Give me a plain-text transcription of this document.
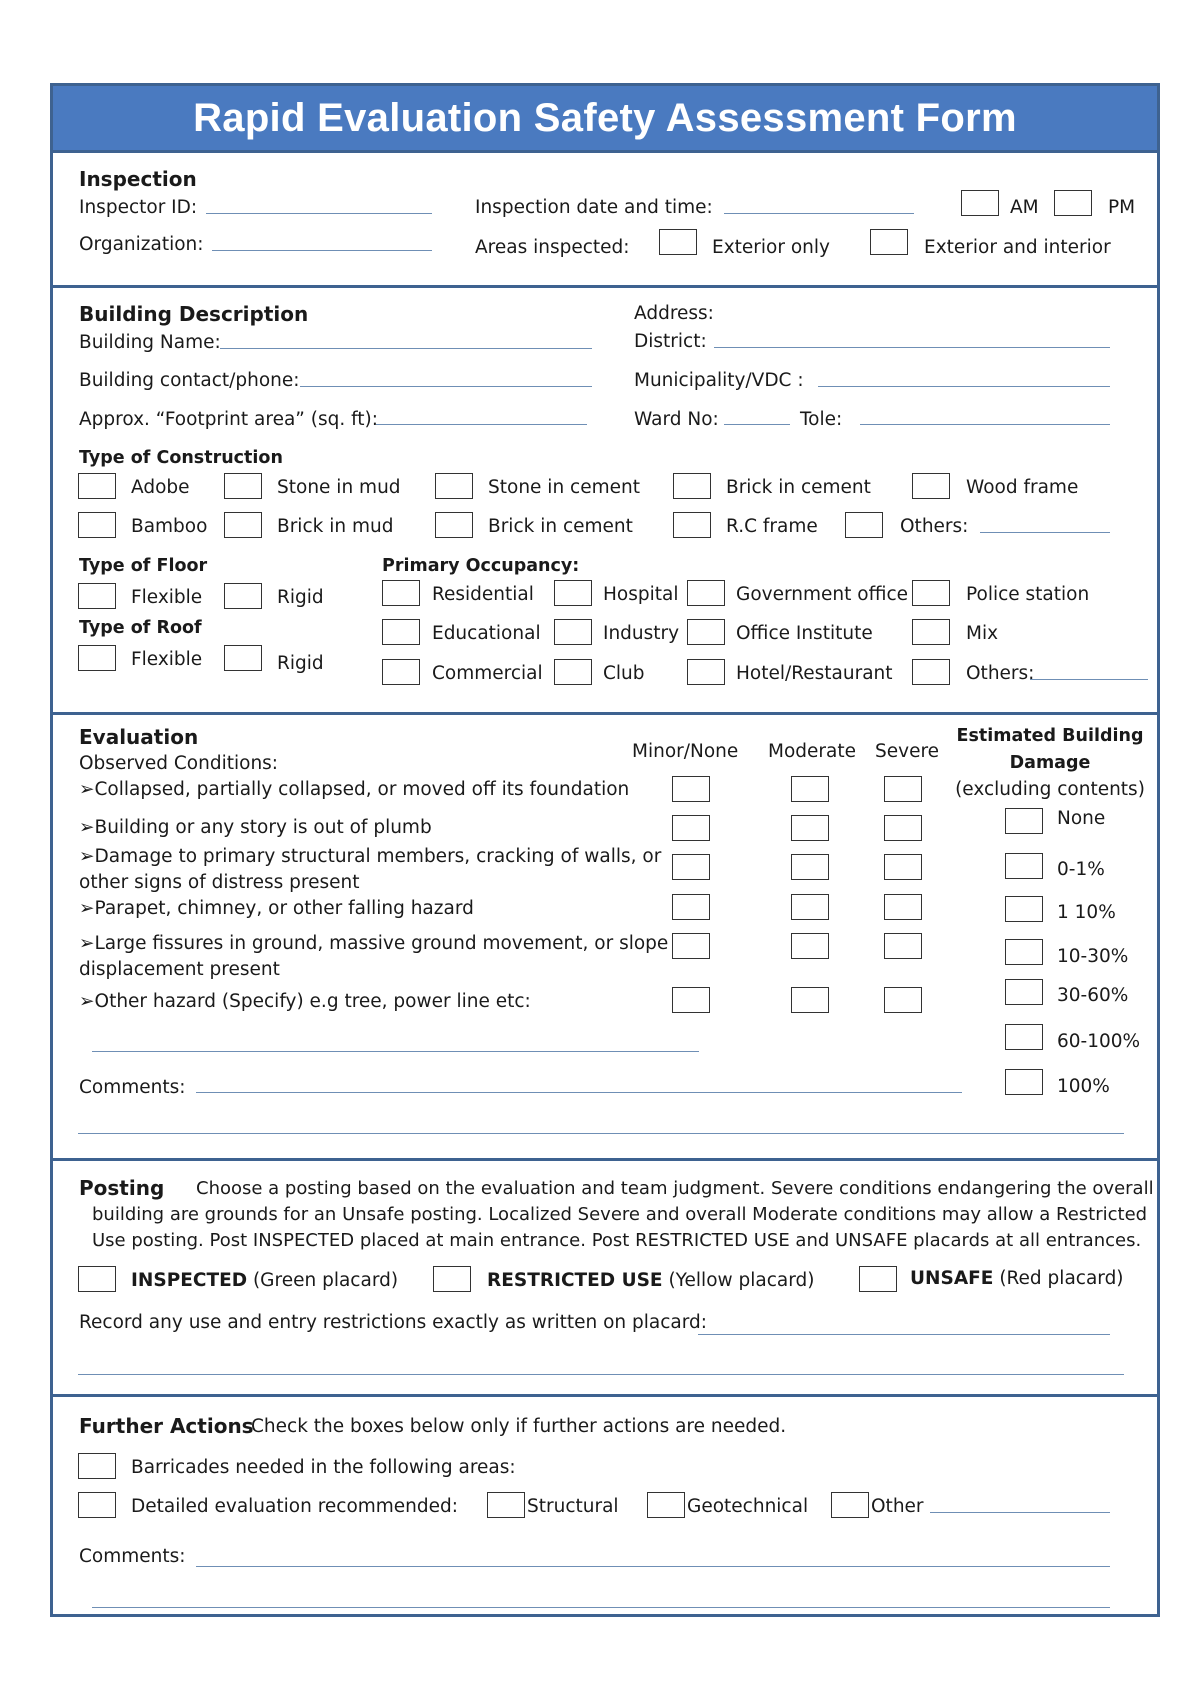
Rapid Evaluation Safety Assessment Form
Inspection
Inspector ID:
Organization:
Inspection date and time:	AM	PM
Areas inspected:	Exterior only	Exterior and interior
Building Description
Building Name:
Building contact/phone:
Approx. “Footprint area” (sq. ft):
Address:
District:
Municipality/VDC :
Ward No:	Tole:
Type of Construction
Adobe	Stone in mud	Stone in cement	Brick in cement	Wood frame
Bamboo	Brick in mud	Brick in cement	R.C frame	Others:
Type of Floor
Flexible	Rigid
Type of Roof
Flexible	Rigid
Primary Occupancy:
Residential	Hospital	Government office	Police station
Educational	Industry	Office Institute	Mix
Commercial	Club	Hotel/Restaurant	Others:
Evaluation
Observed Conditions:
Minor/None Moderate Severe
➢Collapsed, partially collapsed, or moved off its foundation
➢Building or any story is out of plumb
➢Damage to primary structural members, cracking of walls, or
other signs of distress present
➢Parapet, chimney, or other falling hazard
➢Large fissures in ground, massive ground movement, or slope
displacement present
➢Other hazard (Specify) e.g tree, power line etc:
Comments:
Estimated Building
Damage
(excluding contents)
None
0-1%
1 10%
10-30%
30-60%
60-100%
100%
Posting Choose a posting based on the evaluation and team judgment. Severe conditions endangering the overall
building are grounds for an Unsafe posting. Localized Severe and overall Moderate conditions may allow a Restricted
Use posting. Post INSPECTED placed at main entrance. Post RESTRICTED USE and UNSAFE placards at all entrances.
INSPECTED (Green placard)	RESTRICTED USE (Yellow placard)	UNSAFE (Red placard)
Record any use and entry restrictions exactly as written on placard:
Further Actions
Check the boxes below only if further actions are needed.
Barricades needed in the following areas:
Detailed evaluation recommended:	Structural	Geotechnical	Other
Comments:
